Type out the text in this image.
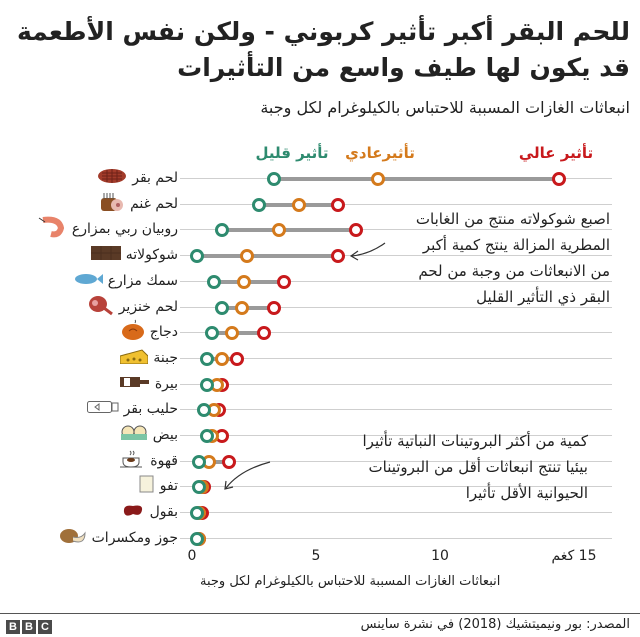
للحم البقر أكبر تأثير كربوني - ولكن نفس الأطعمة قد يكون لها طيف واسع من التأثيرات
انبعاثات الغازات المسببة للاحتباس بالكيلوغرام لكل وجبة
تأثير قليل تأثيرعادي	تأثير عالي
لحم بقر
لحم غنم
روبيان ربي بمزارع
شوكولاته
سمك مزارع
لحم خنزير
دجاج
جبنة
بيرة
حليب بقر
بيض
قهوة
تفو
بقول
جوز ومكسرات
اصبع شوكولاته منتج من الغابات
المطرية المزالة ينتج كمية أكبر
من الانبعاثات من وجبة من لحم
البقر ذي التأثير القليل
كمية من أكثر البروتينات النباتية تأثيرا
بيئيا تنتج انبعاثات أقل من البروتينات
الحيوانية الأقل تأثيرا
0	5	10	15 كغم
انبعاثات الغازات المسببة للاحتباس بالكيلوغرام لكل وجبة
B B C	المصدر: بور ونيميتشيك (2018) في نشرة ساينس
